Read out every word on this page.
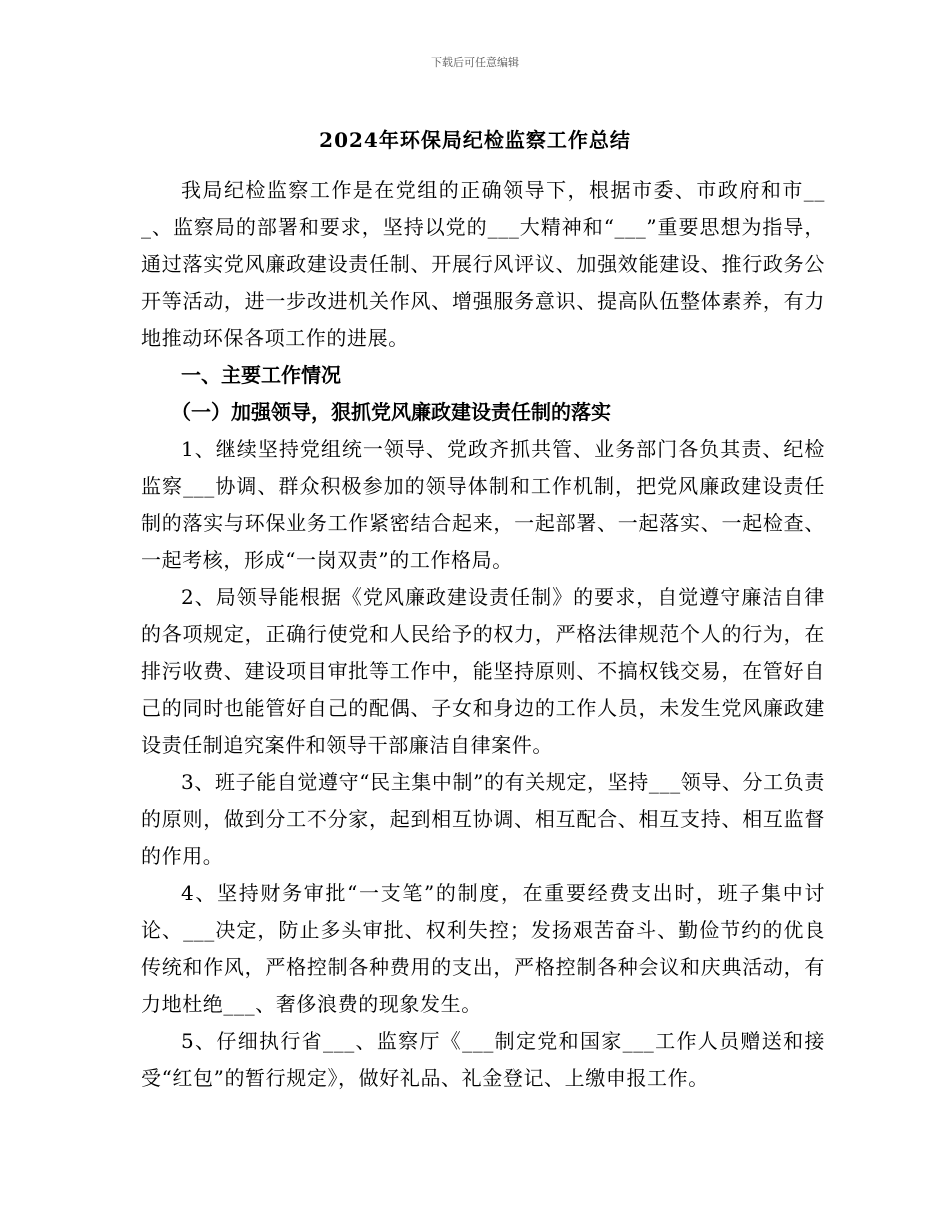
下载后可任意编辑
2024年环保局纪检监察工作总结

我局纪检监察工作是在党组的正确领导下，根据市委、市政府和市___、监察局的部署和要求，坚持以党的___大精神和“___”重要思想为指导，通过落实党风廉政建设责任制、开展行风评议、加强效能建设、推行政务公开等活动，进一步改进机关作风、增强服务意识、提高队伍整体素养，有力地推动环保各项工作的进展。

一、主要工作情况

（一）加强领导，狠抓党风廉政建设责任制的落实

1、继续坚持党组统一领导、党政齐抓共管、业务部门各负其责、纪检监察___协调、群众积极参加的领导体制和工作机制，把党风廉政建设责任制的落实与环保业务工作紧密结合起来，一起部署、一起落实、一起检查、一起考核，形成“一岗双责”的工作格局。

2、局领导能根据《党风廉政建设责任制》的要求，自觉遵守廉洁自律的各项规定，正确行使党和人民给予的权力，严格法律规范个人的行为，在排污收费、建设项目审批等工作中，能坚持原则、不搞权钱交易，在管好自己的同时也能管好自己的配偶、子女和身边的工作人员，未发生党风廉政建设责任制追究案件和领导干部廉洁自律案件。

3、班子能自觉遵守“民主集中制”的有关规定，坚持___领导、分工负责的原则，做到分工不分家，起到相互协调、相互配合、相互支持、相互监督的作用。

4、坚持财务审批“一支笔”的制度，在重要经费支出时，班子集中讨论、___决定，防止多头审批、权利失控；发扬艰苦奋斗、勤俭节约的优良传统和作风，严格控制各种费用的支出，严格控制各种会议和庆典活动，有力地杜绝___、奢侈浪费的现象发生。

5、仔细执行省___、监察厅《___制定党和国家___工作人员赠送和接受“红包”的暂行规定》，做好礼品、礼金登记、上缴申报工作。
